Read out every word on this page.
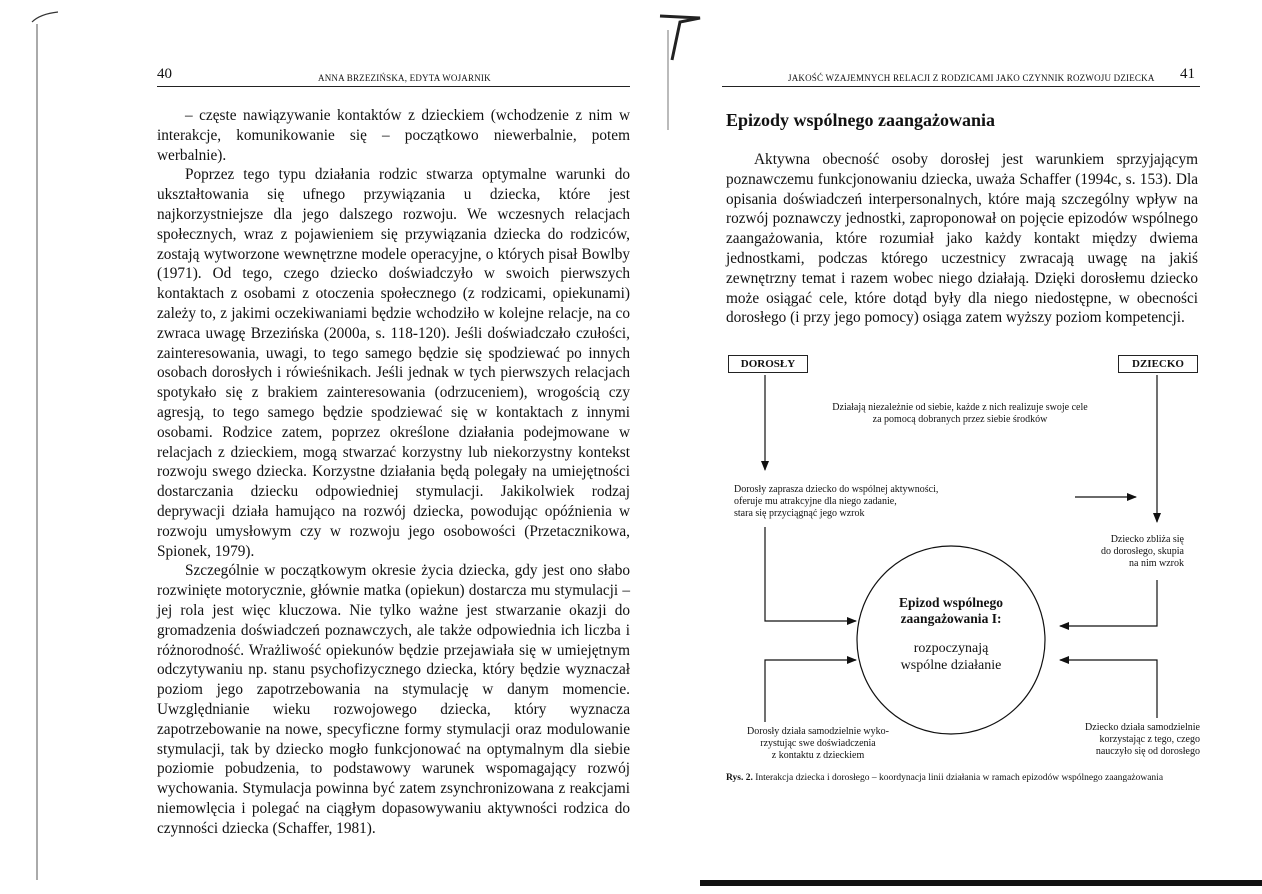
40	ANNA BRZEZIŃSKA, EDYTA WOJARNIK

– częste nawiązywanie kontaktów z dzieckiem (wchodzenie z nim w interakcje, komunikowanie się – początkowo niewerbalnie, potem werbalnie).

Poprzez tego typu działania rodzic stwarza optymalne warunki do ukształtowania się ufnego przywiązania u dziecka, które jest najkorzystniejsze dla jego dalszego rozwoju. We wczesnych relacjach społecznych, wraz z pojawieniem się przywiązania dziecka do rodziców, zostają wytworzone wewnętrzne modele operacyjne, o których pisał Bowlby (1971). Od tego, czego dziecko doświadczyło w swoich pierwszych kontaktach z osobami z otoczenia społecznego (z rodzicami, opiekunami) zależy to, z jakimi oczekiwaniami będzie wchodziło w kolejne relacje, na co zwraca uwagę Brzezińska (2000a, s. 118-120). Jeśli doświadczało czułości, zainteresowania, uwagi, to tego samego będzie się spodziewać po innych osobach dorosłych i rówieśnikach. Jeśli jednak w tych pierwszych relacjach spotykało się z brakiem zainteresowania (odrzuceniem), wrogością czy agresją, to tego samego będzie spodziewać się w kontaktach z innymi osobami. Rodzice zatem, poprzez określone działania podejmowane w relacjach z dzieckiem, mogą stwarzać korzystny lub niekorzystny kontekst rozwoju swego dziecka. Korzystne działania będą polegały na umiejętności dostarczania dziecku odpowiedniej stymulacji. Jakikolwiek rodzaj deprywacji działa hamująco na rozwój dziecka, powodując opóźnienia w rozwoju umysłowym czy w rozwoju jego osobowości (Przetacznikowa, Spionek, 1979).

Szczególnie w początkowym okresie życia dziecka, gdy jest ono słabo rozwinięte motorycznie, głównie matka (opiekun) dostarcza mu stymulacji – jej rola jest więc kluczowa. Nie tylko ważne jest stwarzanie okazji do gromadzenia doświadczeń poznawczych, ale także odpowiednia ich liczba i różnorodność. Wrażliwość opiekunów będzie przejawiała się w umiejętnym odczytywaniu np. stanu psychofizycznego dziecka, który będzie wyznaczał poziom jego zapotrzebowania na stymulację w danym momencie. Uwzględnianie wieku rozwojowego dziecka, który wyznacza zapotrzebowanie na nowe, specyficzne formy stymulacji oraz modulowanie stymulacji, tak by dziecko mogło funkcjonować na optymalnym dla siebie poziomie pobudzenia, to podstawowy warunek wspomagający rozwój wychowania. Stymulacja powinna być zatem zsynchronizowana z reakcjami niemowlęcia i polegać na ciągłym dopasowywaniu aktywności rodzica do czynności dziecka (Schaffer, 1981).

JAKOŚĆ WZAJEMNYCH RELACJI Z RODZICAMI JAKO CZYNNIK ROZWOJU DZIECKA 41
Epizody wspólnego zaangażowania

Aktywna obecność osoby dorosłej jest warunkiem sprzyjającym poznawczemu funkcjonowaniu dziecka, uważa Schaffer (1994c, s. 153). Dla opisania doświadczeń interpersonalnych, które mają szczególny wpływ na rozwój poznawczy jednostki, zaproponował on pojęcie epizodów wspólnego zaangażowania, które rozumiał jako każdy kontakt między dwiema jednostkami, podczas którego uczestnicy zwracają uwagę na jakiś zewnętrzny temat i razem wobec niego działają. Dzięki dorosłemu dziecko może osiągać cele, które dotąd były dla niego niedostępne, w obecności dorosłego (i przy jego pomocy) osiąga zatem wyższy poziom kompetencji.

DOROSŁY	DZIECKO
Działają niezależnie od siebie, każde z nich realizuje swoje cele
za pomocą dobranych przez siebie środków
Dorosły zaprasza dziecko do wspólnej aktywności,
oferuje mu atrakcyjne dla niego zadanie,
stara się przyciągnąć jego wzrok
Dziecko zbliża się
do dorosłego, skupia
na nim wzrok
Epizod wspólnego
zaangażowania I:
rozpoczynają
wspólne działanie
Dorosły działa samodzielnie wyko-
rzystując swe doświadczenia
z kontaktu z dzieckiem
Dziecko działa samodzielnie
korzystając z tego, czego
nauczyło się od dorosłego
Rys. 2. Interakcja dziecka i dorosłego – koordynacja linii działania w ramach epizodów wspólnego zaangażowania
